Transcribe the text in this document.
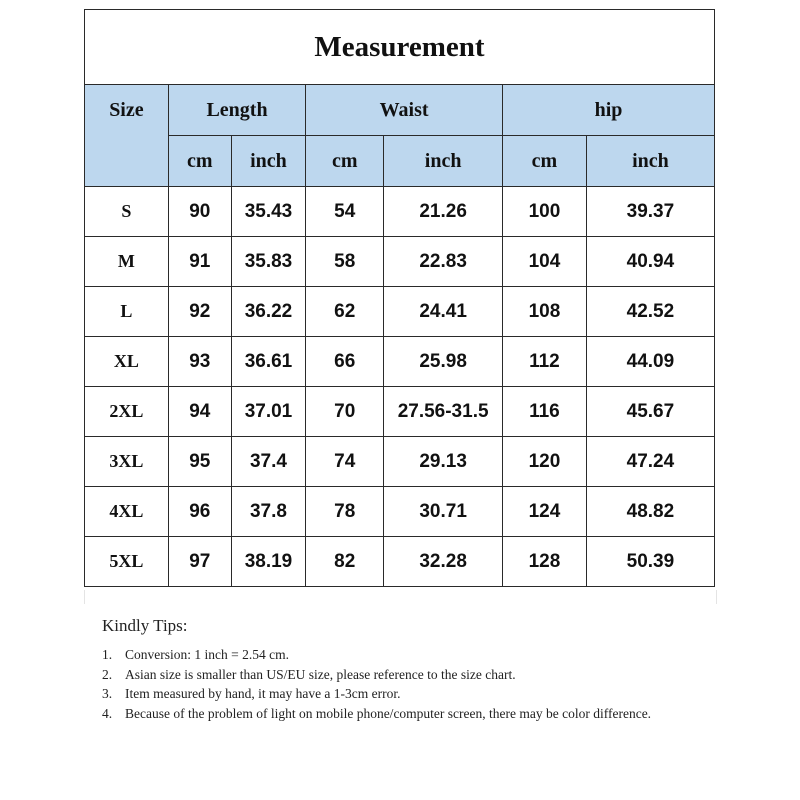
Measurement						
Size	Length		Waist		hip	
	cm	inch	cm	inch	cm	inch
S	90	35.43	54	21.26	100	39.37
M	91	35.83	58	22.83	104	40.94
L	92	36.22	62	24.41	108	42.52
XL	93	36.61	66	25.98	112	44.09
2XL	94	37.01	70	27.56-31.5	116	45.67
3XL	95	37.4	74	29.13	120	47.24
4XL	96	37.8	78	30.71	124	48.82
5XL	97	38.19	82	32.28	128	50.39
Kindly Tips:
1. Conversion: 1 inch = 2.54 cm.
2. Asian size is smaller than US/EU size, please reference to the size chart.
3. Item measured by hand, it may have a 1-3cm error.
4. Because of the problem of light on mobile phone/computer screen, there may be color difference.
